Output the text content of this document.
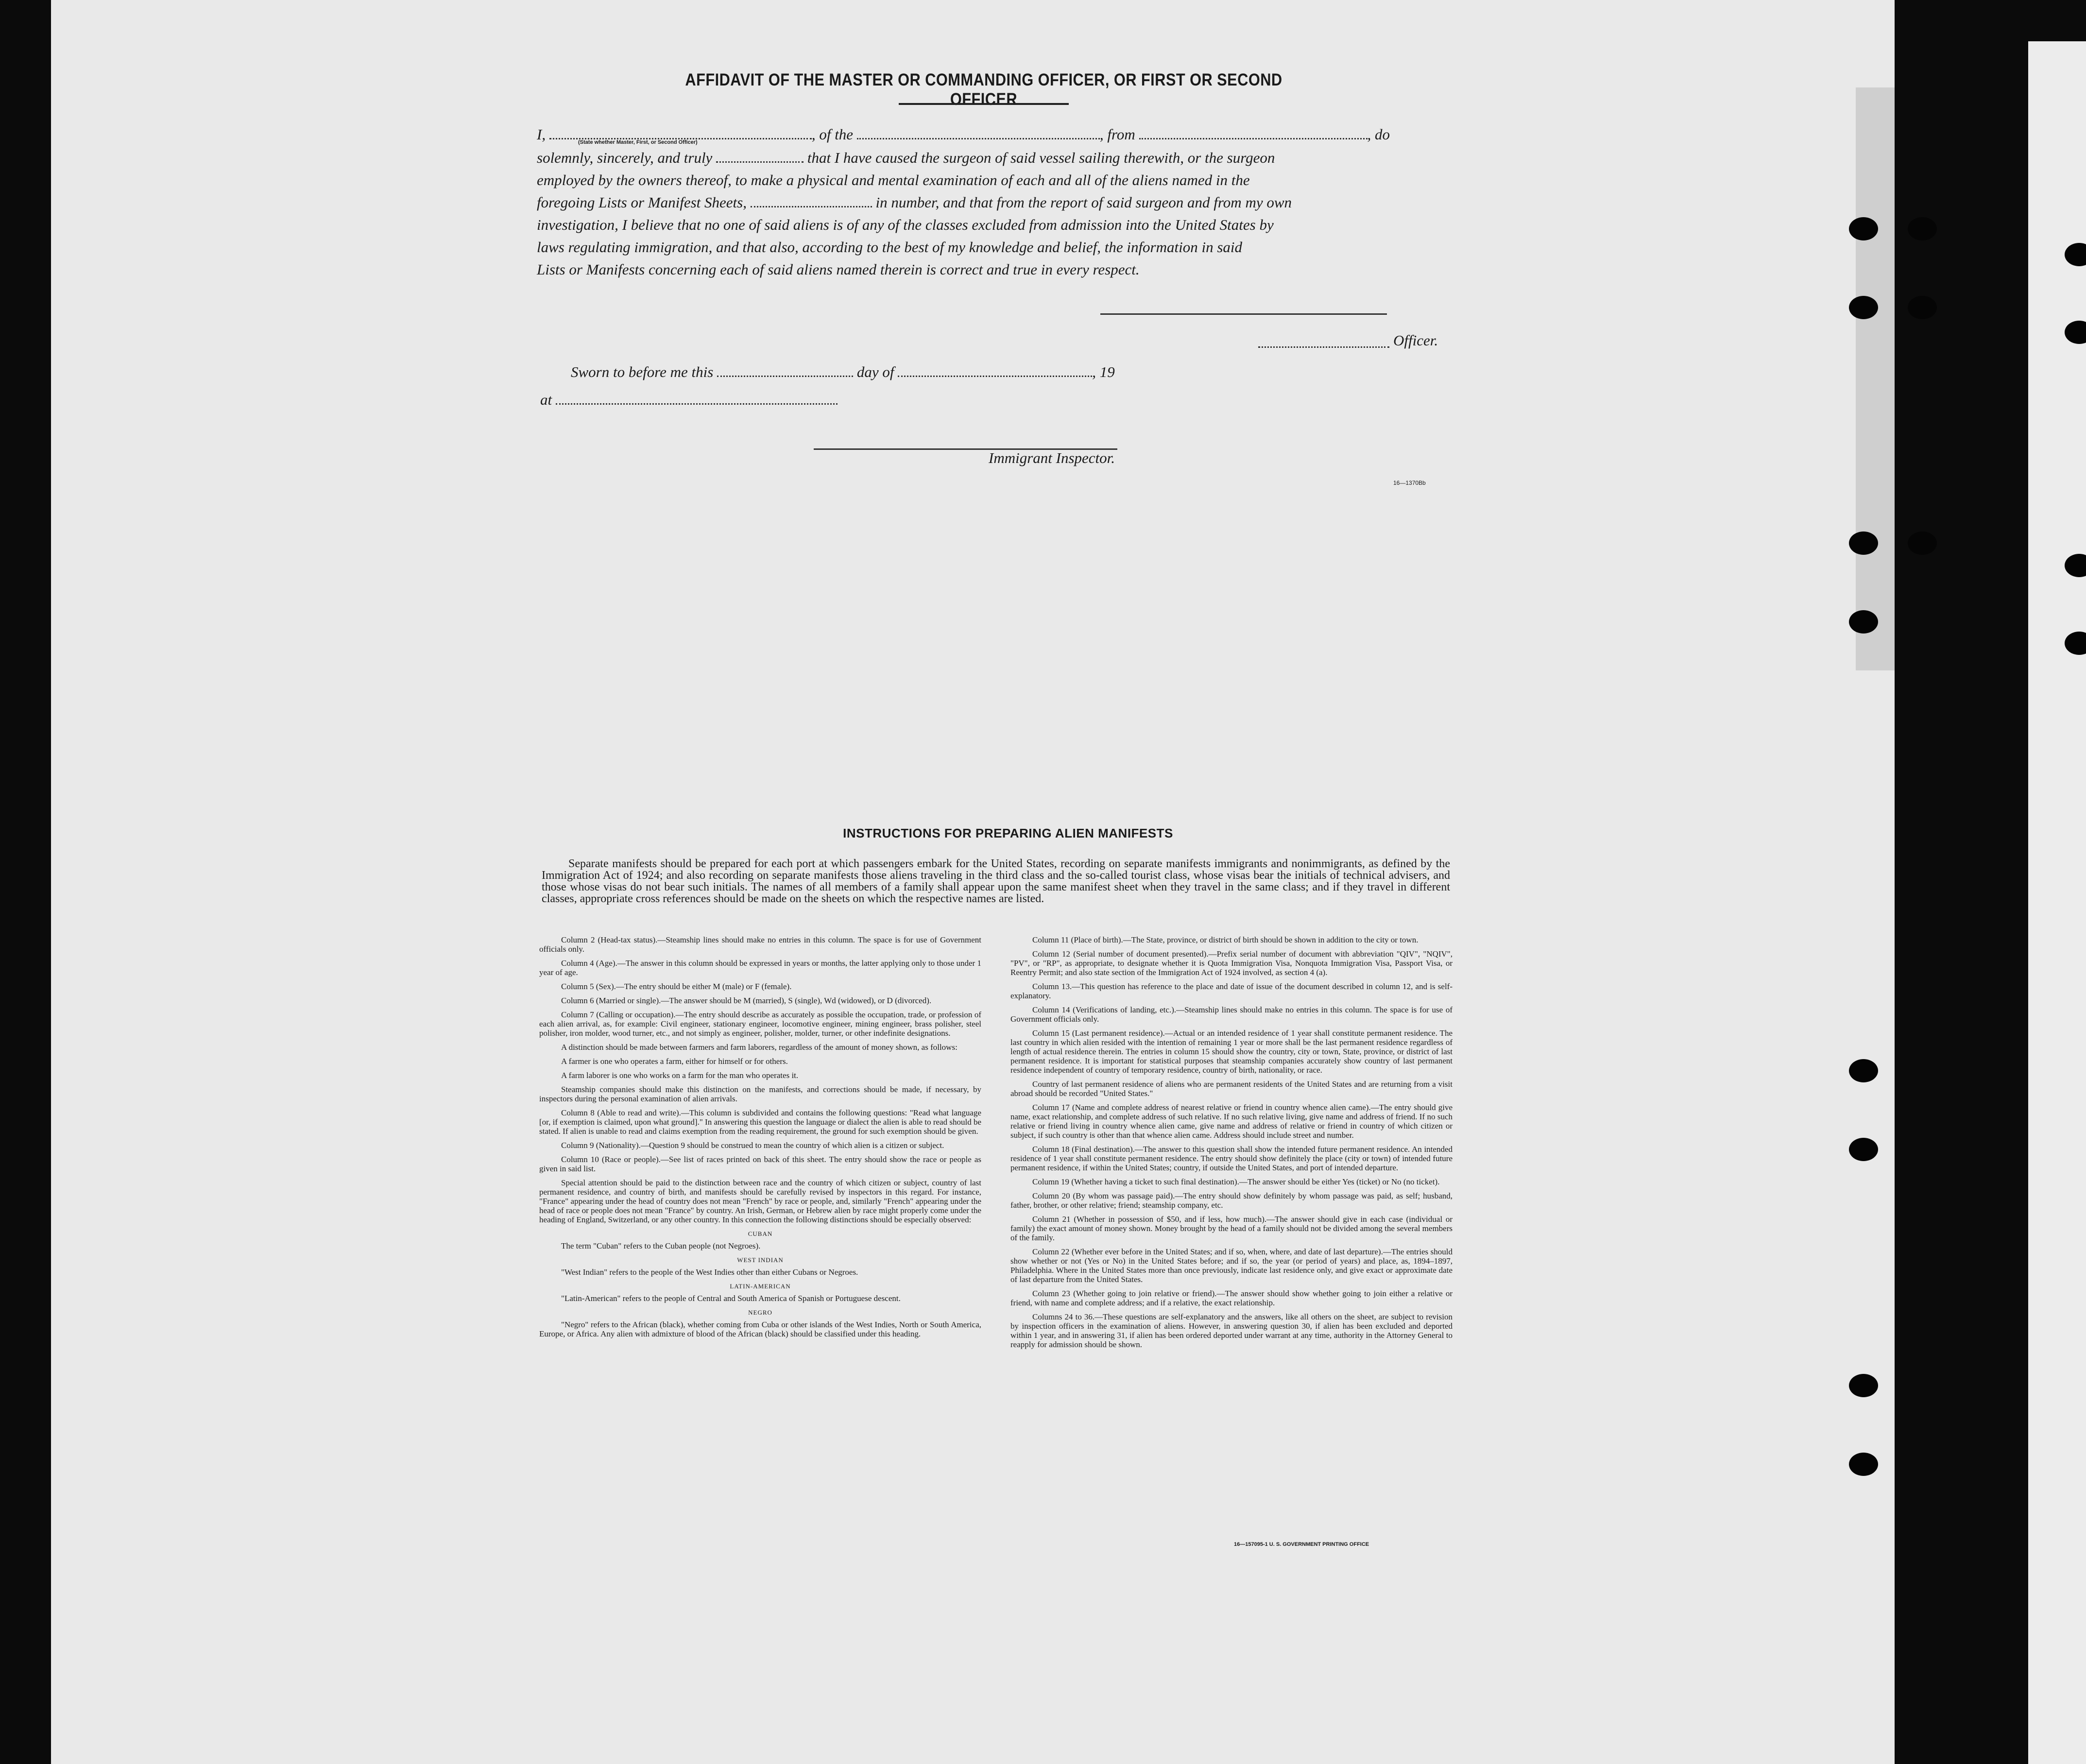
AFFIDAVIT OF THE MASTER OR COMMANDING OFFICER, OR FIRST OR SECOND OFFICER
I,	, of the	, from	, do
(State whether Master, First, or Second Officer)
solemnly, sincerely, and truly	that I have caused the surgeon of said vessel sailing therewith, or the surgeon
employed by the owners thereof, to make a physical and mental examination of each and all of the aliens named in the
foregoing Lists or Manifest Sheets,	in number, and that from the report of said surgeon and from my own
investigation, I believe that no one of said aliens is of any of the classes excluded from admission into the United States by
laws regulating immigration, and that also, according to the best of my knowledge and belief, the information in said
Lists or Manifests concerning each of said aliens named therein is correct and true in every respect.
Officer.
Sworn to before me this	day of	, 19
at
Immigrant Inspector.
16—1370Bb
INSTRUCTIONS FOR PREPARING ALIEN MANIFESTS
Separate manifests should be prepared for each port at which passengers embark for the United States, recording on separate manifests immigrants and nonimmigrants, as defined by the Immigration Act of 1924; and also recording on separate manifests those aliens traveling in the third class and the so-called tourist class, whose visas bear the initials of technical advisers, and those whose visas do not bear such initials. The names of all members of a family shall appear upon the same manifest sheet when they travel in the same class; and if they travel in different classes, appropriate cross references should be made on the sheets on which the respective names are listed.

Column 2 (Head-tax status).—Steamship lines should make no entries in this column. The space is for use of Government officials only.

Column 4 (Age).—The answer in this column should be expressed in years or months, the latter applying only to those under 1 year of age.

Column 5 (Sex).—The entry should be either M (male) or F (female).

Column 6 (Married or single).—The answer should be M (married), S (single), Wd (widowed), or D (divorced).

Column 7 (Calling or occupation).—The entry should describe as accurately as possible the occupation, trade, or profession of each alien arrival, as, for example: Civil engineer, stationary engineer, locomotive engineer, mining engineer, brass polisher, steel polisher, iron molder, wood turner, etc., and not simply as engineer, polisher, molder, turner, or other indefinite designations.

A distinction should be made between farmers and farm laborers, regardless of the amount of money shown, as follows:

A farmer is one who operates a farm, either for himself or for others.

A farm laborer is one who works on a farm for the man who operates it.

Steamship companies should make this distinction on the manifests, and corrections should be made, if necessary, by inspectors during the personal examination of alien arrivals.

Column 8 (Able to read and write).—This column is subdivided and contains the following questions: "Read what language [or, if exemption is claimed, upon what ground]." In answering this question the language or dialect the alien is able to read should be stated. If alien is unable to read and claims exemption from the reading requirement, the ground for such exemption should be given.

Column 9 (Nationality).—Question 9 should be construed to mean the country of which alien is a citizen or subject.

Column 10 (Race or people).—See list of races printed on back of this sheet. The entry should show the race or people as given in said list.

Special attention should be paid to the distinction between race and the country of which citizen or subject, country of last permanent residence, and country of birth, and manifests should be carefully revised by inspectors in this regard. For instance, "France" appearing under the head of country does not mean "French" by race or people, and, similarly "French" appearing under the head of race or people does not mean "France" by country. An Irish, German, or Hebrew alien by race might properly come under the heading of England, Switzerland, or any other country. In this connection the following distinctions should be especially observed:

CUBAN

The term "Cuban" refers to the Cuban people (not Negroes).

WEST INDIAN

"West Indian" refers to the people of the West Indies other than either Cubans or Negroes.

LATIN-AMERICAN

"Latin-American" refers to the people of Central and South America of Spanish or Portuguese descent.

NEGRO

"Negro" refers to the African (black), whether coming from Cuba or other islands of the West Indies, North or South America, Europe, or Africa. Any alien with admixture of blood of the African (black) should be classified under this heading.

Column 11 (Place of birth).—The State, province, or district of birth should be shown in addition to the city or town.

Column 12 (Serial number of document presented).—Prefix serial number of document with abbreviation "QIV", "NQIV", "PV", or "RP", as appropriate, to designate whether it is Quota Immigration Visa, Nonquota Immigration Visa, Passport Visa, or Reentry Permit; and also state section of the Immigration Act of 1924 involved, as section 4 (a).

Column 13.—This question has reference to the place and date of issue of the document described in column 12, and is self-explanatory.

Column 14 (Verifications of landing, etc.).—Steamship lines should make no entries in this column. The space is for use of Government officials only.

Column 15 (Last permanent residence).—Actual or an intended residence of 1 year shall constitute permanent residence. The last country in which alien resided with the intention of remaining 1 year or more shall be the last permanent residence regardless of length of actual residence therein. The entries in column 15 should show the country, city or town, State, province, or district of last permanent residence. It is important for statistical purposes that steamship companies accurately show country of last permanent residence independent of country of temporary residence, country of birth, nationality, or race.

Country of last permanent residence of aliens who are permanent residents of the United States and are returning from a visit abroad should be recorded "United States."

Column 17 (Name and complete address of nearest relative or friend in country whence alien came).—The entry should give name, exact relationship, and complete address of such relative. If no such relative living, give name and address of friend. If no such relative or friend living in country whence alien came, give name and address of relative or friend in country of which citizen or subject, if such country is other than that whence alien came. Address should include street and number.

Column 18 (Final destination).—The answer to this question shall show the intended future permanent residence. An intended residence of 1 year shall constitute permanent residence. The entry should show definitely the place (city or town) of intended future permanent residence, if within the United States; country, if outside the United States, and port of intended departure.

Column 19 (Whether having a ticket to such final destination).—The answer should be either Yes (ticket) or No (no ticket).

Column 20 (By whom was passage paid).—The entry should show definitely by whom passage was paid, as self; husband, father, brother, or other relative; friend; steamship company, etc.

Column 21 (Whether in possession of $50, and if less, how much).—The answer should give in each case (individual or family) the exact amount of money shown. Money brought by the head of a family should not be divided among the several members of the family.

Column 22 (Whether ever before in the United States; and if so, when, where, and date of last departure).—The entries should show whether or not (Yes or No) in the United States before; and if so, the year (or period of years) and place, as, 1894–1897, Philadelphia. Where in the United States more than once previously, indicate last residence only, and give exact or approximate date of last departure from the United States.

Column 23 (Whether going to join relative or friend).—The answer should show whether going to join either a relative or friend, with name and complete address; and if a relative, the exact relationship.

Columns 24 to 36.—These questions are self-explanatory and the answers, like all others on the sheet, are subject to revision by inspection officers in the examination of aliens. However, in answering question 30, if alien has been excluded and deported within 1 year, and in answering 31, if alien has been ordered deported under warrant at any time, authority in the Attorney General to reapply for admission should be shown.

16—157095-1 U. S. GOVERNMENT PRINTING OFFICE
